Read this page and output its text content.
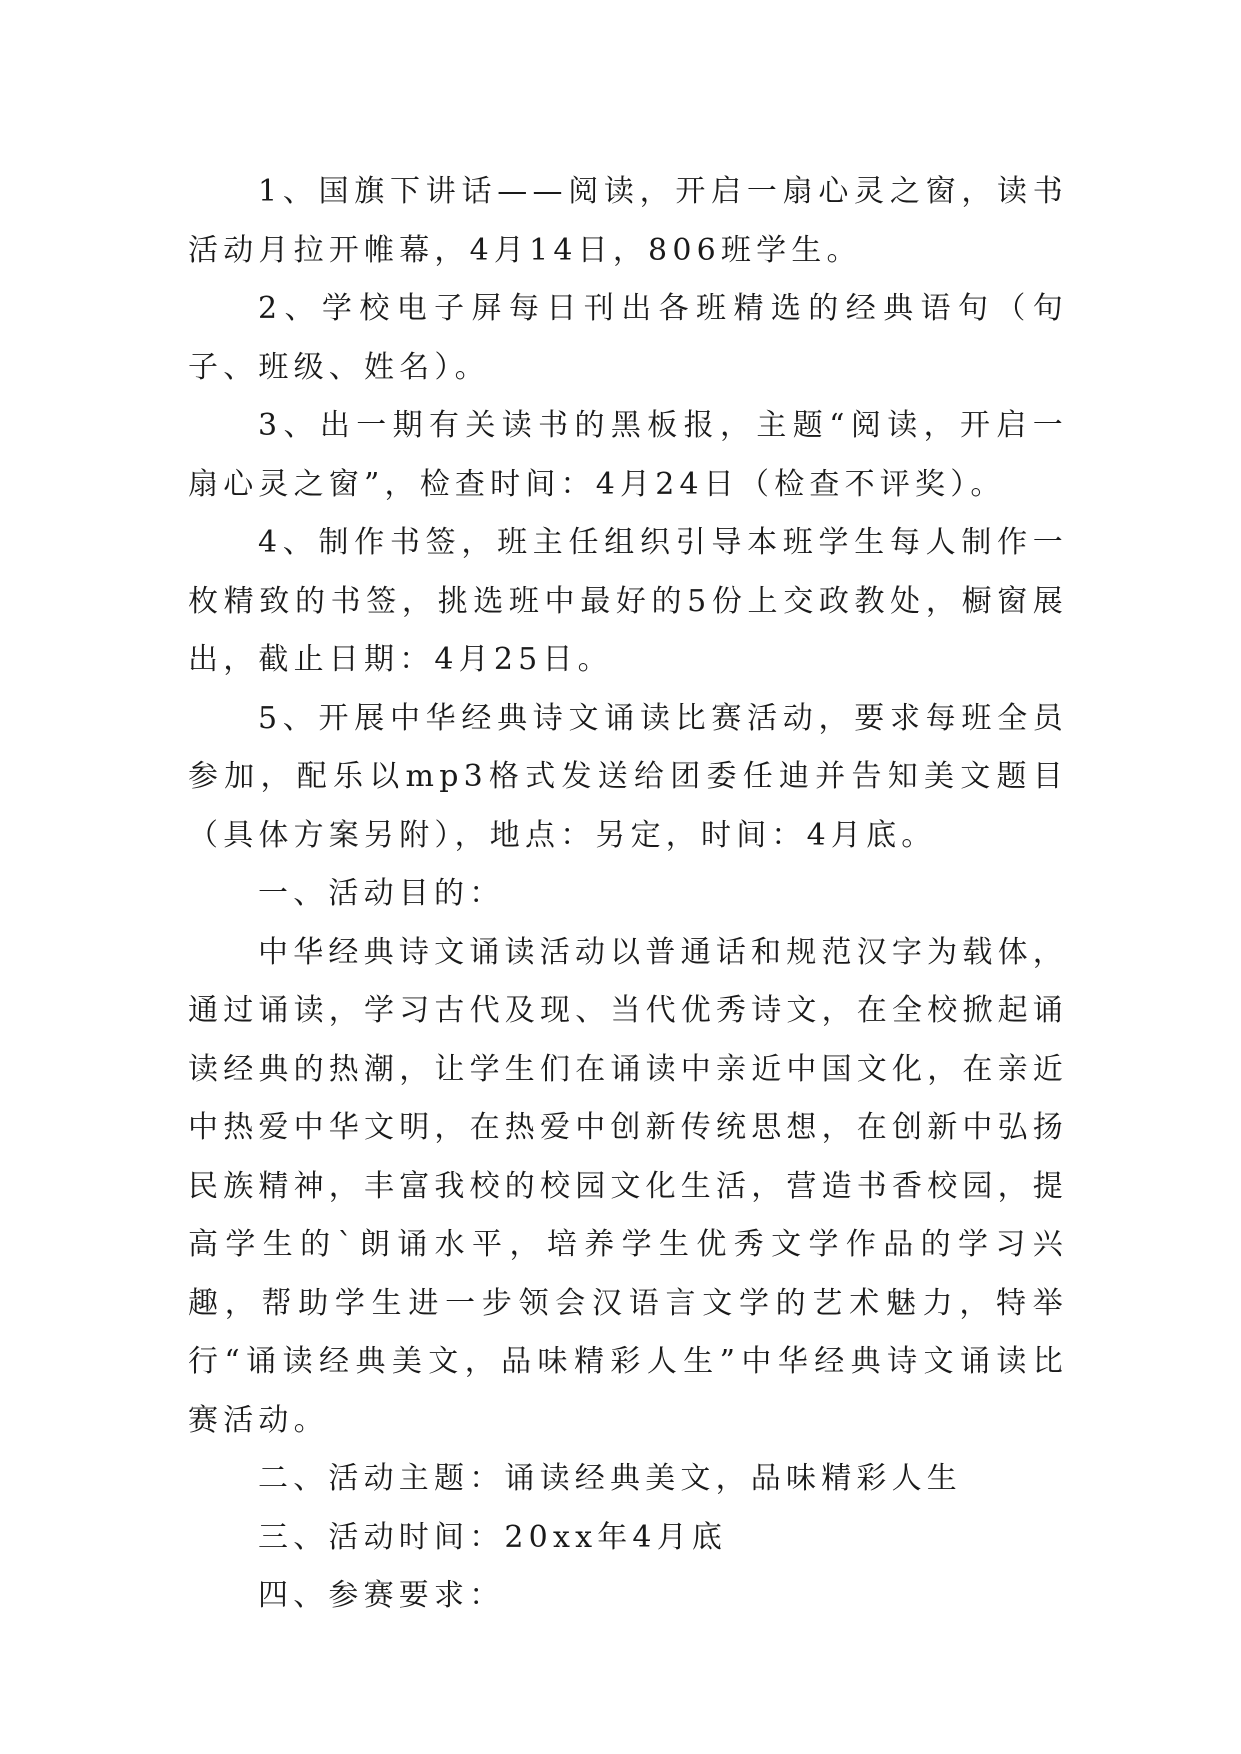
1、国旗下讲话——阅读，开启一扇心灵之窗，读书活动月拉开帷幕，4月14日，806班学生。

2、学校电子屏每日刊出各班精选的经典语句（句子、班级、姓名）。

3、出一期有关读书的黑板报，主题“阅读，开启一扇心灵之窗”，检查时间：4月24日（检查不评奖）。

4、制作书签，班主任组织引导本班学生每人制作一枚精致的书签，挑选班中最好的5份上交政教处，橱窗展出，截止日期：4月25日。

5、开展中华经典诗文诵读比赛活动，要求每班全员参加，配乐以mp3格式发送给团委任迪并告知美文题目（具体方案另附），地点：另定，时间：4月底。

一、活动目的：

中华经典诗文诵读活动以普通话和规范汉字为载体，通过诵读，学习古代及现、当代优秀诗文，在全校掀起诵读经典的热潮，让学生们在诵读中亲近中国文化，在亲近中热爱中华文明，在热爱中创新传统思想，在创新中弘扬民族精神，丰富我校的校园文化生活，营造书香校园，提高学生的`朗诵水平，培养学生优秀文学作品的学习兴趣，帮助学生进一步领会汉语言文学的艺术魅力，特举行“诵读经典美文，品味精彩人生”中华经典诗文诵读比赛活动。

二、活动主题：诵读经典美文，品味精彩人生

三、活动时间：20xx年4月底

四、参赛要求：
